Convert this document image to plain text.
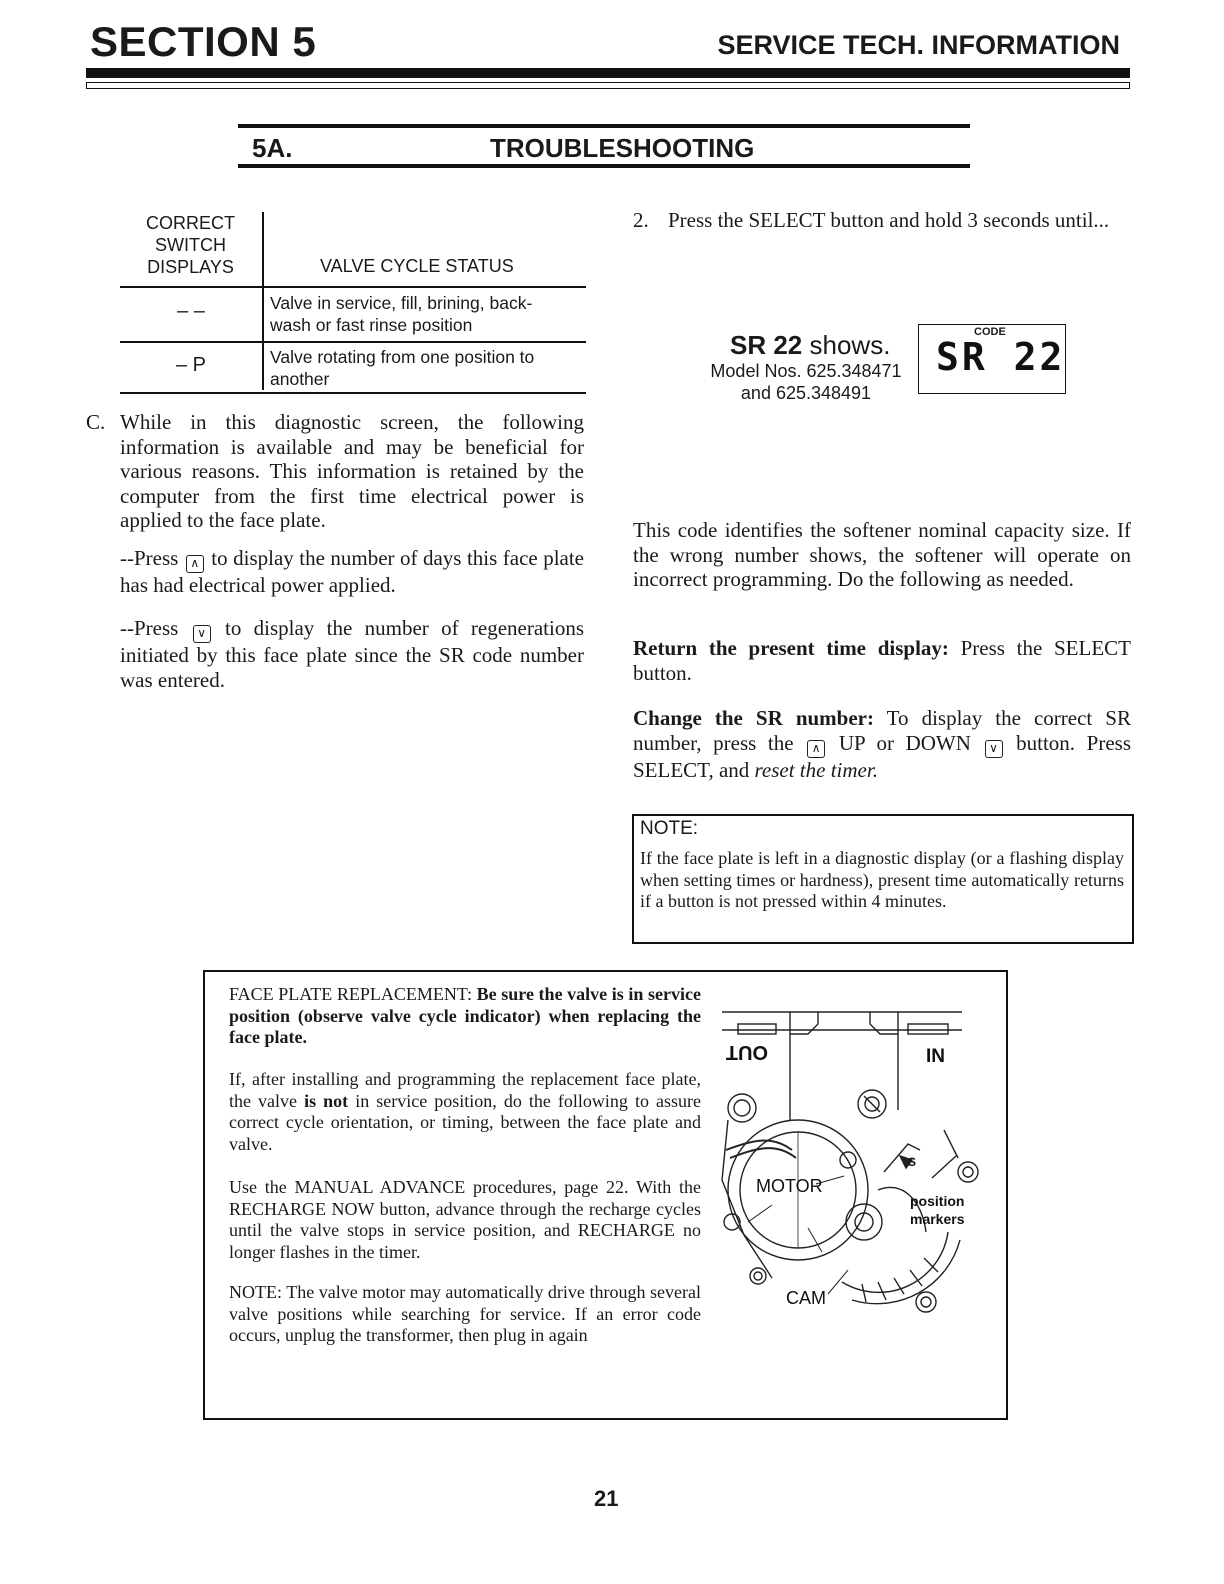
SECTION 5	SERVICE TECH. INFORMATION
5A.	TROUBLESHOOTING
CORRECT
SWITCH
DISPLAYS	VALVE CYCLE STATUS
– –	Valve in service, fill, brining, back-
wash or fast rinse position
– P	Valve rotating from one position to
another
C. While in this diagnostic screen, the following information is available and may be beneficial for various reasons. This information is retained by the computer from the first time electrical power is applied to the face plate.
--Press ∧ to display the number of days this face plate has had electrical power applied.
--Press ∨ to display the number of regenerations initiated by this face plate since the SR code number was entered.
2. Press the SELECT button and hold 3 seconds until...
SR 22 shows.
Model Nos. 625.348471
and 625.348491
CODE
SR 22
This code identifies the softener nominal capacity size. If the wrong number shows, the softener will operate on incorrect programming. Do the following as needed.
Return the present time display: Press the SELECT button.
Change the SR number: To display the correct SR number, press the ∧ UP or DOWN ∨ button. Press SELECT, and reset the timer.
NOTE:
If the face plate is left in a diagnostic display (or a flashing display when setting times or hardness), present time automatically returns if a button is not pressed within 4 minutes.
FACE PLATE REPLACEMENT: Be sure the valve is in service position (observe valve cycle indicator) when replacing the face plate.
If, after installing and programming the replacement face plate, the valve is not in service position, do the following to assure correct cycle orientation, or timing, between the face plate and valve.
Use the MANUAL ADVANCE procedures, page 22. With the RECHARGE NOW button, advance through the recharge cycles until the valve stops in service position, and RECHARGE no longer flashes in the timer.
NOTE: The valve motor may automatically drive through several valve positions while searching for service. If an error code occurs, unplug the transformer, then plug in again
OUT	IN
MOTOR
CAM
position
markers
S
21
